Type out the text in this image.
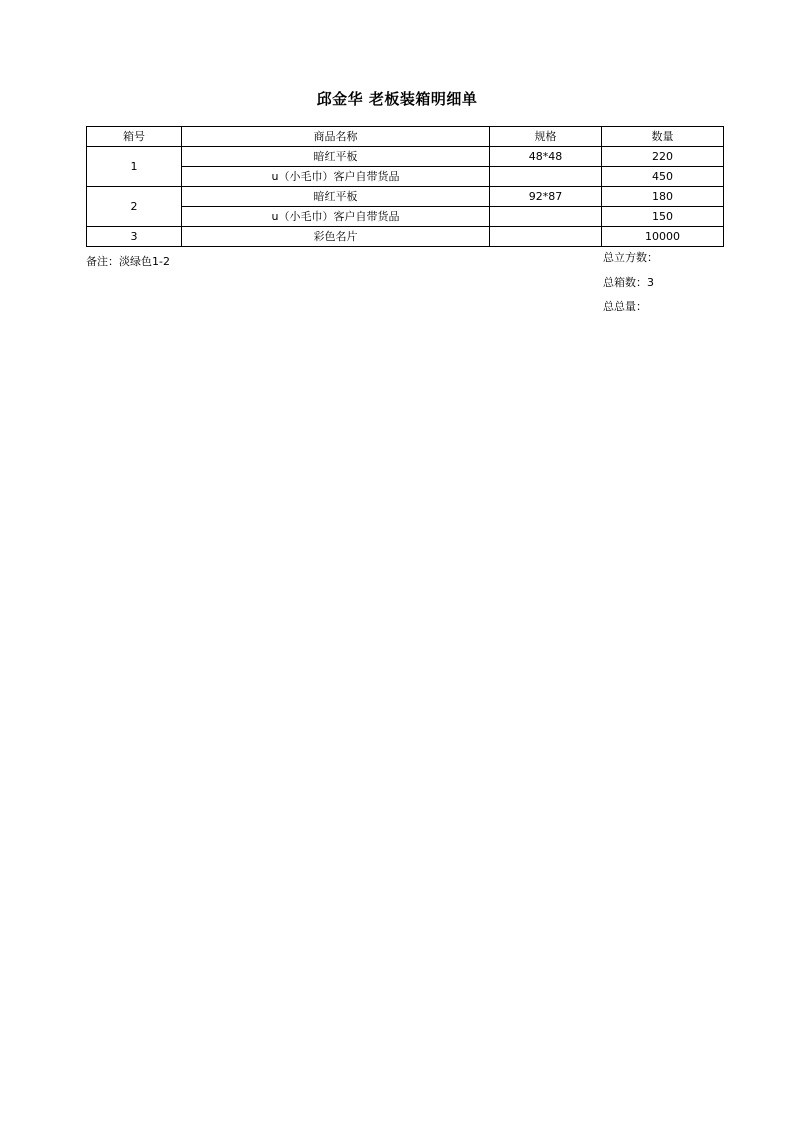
邱金华 老板装箱明细单
箱号	商品名称	规格	数量
1	暗红平板	48*48	220
	u（小毛巾）客户自带货品		450
2	暗红平板	92*87	180
	u（小毛巾）客户自带货品		150
3	彩色名片		10000
备注：淡绿色1-2	总立方数：
总箱数：3
总总量：
